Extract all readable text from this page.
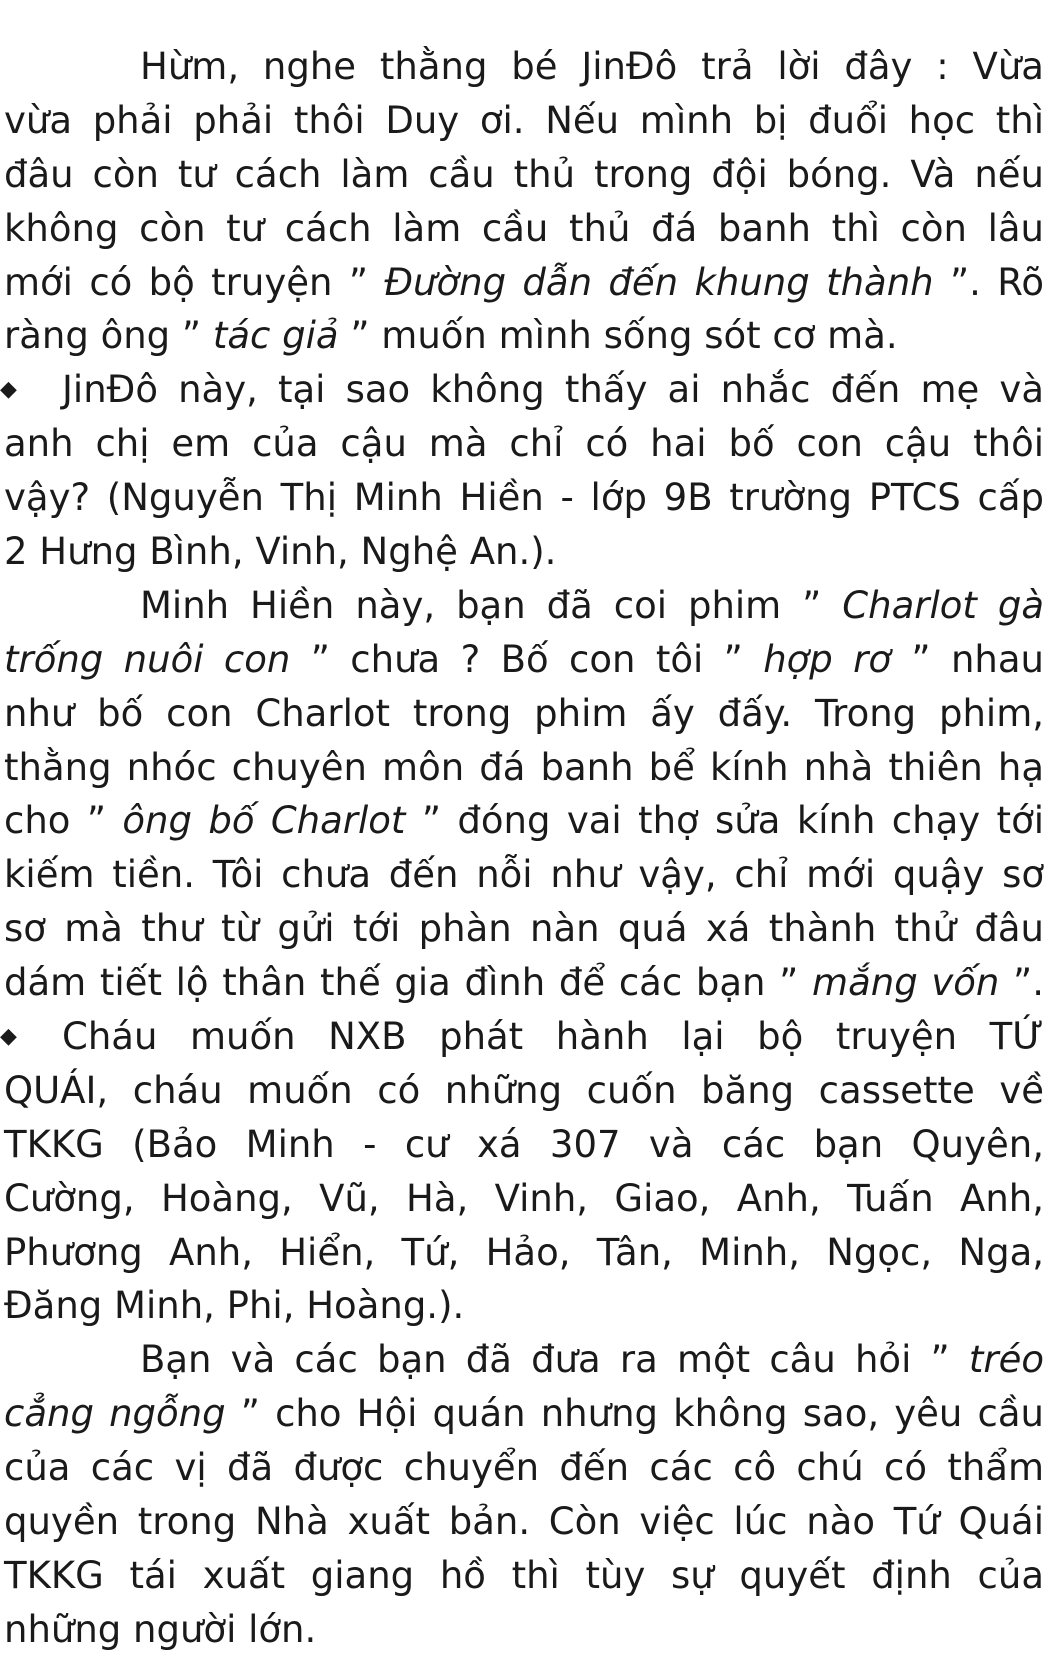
Hừm, nghe thằng bé JinĐô trả lời đây : Vừa
vừa phải phải thôi Duy ơi. Nếu mình bị đuổi học thì
đâu còn tư cách làm cầu thủ trong đội bóng. Và nếu
không còn tư cách làm cầu thủ đá banh thì còn lâu
mới có bộ truyện ” Đường dẫn đến khung thành ”. Rõ
ràng ông ” tác giả ” muốn mình sống sót cơ mà.
◆ JinĐô này, tại sao không thấy ai nhắc đến mẹ và
anh chị em của cậu mà chỉ có hai bố con cậu thôi
vậy? (Nguyễn Thị Minh Hiền - lớp 9B trường PTCS cấp
2 Hưng Bình, Vinh, Nghệ An.).
Minh Hiền này, bạn đã coi phim ” Charlot gà
trống nuôi con ” chưa ? Bố con tôi ” hợp rơ ” nhau
như bố con Charlot trong phim ấy đấy. Trong phim,
thằng nhóc chuyên môn đá banh bể kính nhà thiên hạ
cho ” ông bố Charlot ” đóng vai thợ sửa kính chạy tới
kiếm tiền. Tôi chưa đến nỗi như vậy, chỉ mới quậy sơ
sơ mà thư từ gửi tới phàn nàn quá xá thành thử đâu
dám tiết lộ thân thế gia đình để các bạn ” mắng vốn ”.
◆ Cháu muốn NXB phát hành lại bộ truyện TỨ
QUÁI, cháu muốn có những cuốn băng cassette về
TKKG (Bảo Minh - cư xá 307 và các bạn Quyên,
Cường, Hoàng, Vũ, Hà, Vinh, Giao, Anh, Tuấn Anh,
Phương Anh, Hiển, Tứ, Hảo, Tân, Minh, Ngọc, Nga,
Đăng Minh, Phi, Hoàng.).
Bạn và các bạn đã đưa ra một câu hỏi ” tréo
cẳng ngỗng ” cho Hội quán nhưng không sao, yêu cầu
của các vị đã được chuyển đến các cô chú có thẩm
quyền trong Nhà xuất bản. Còn việc lúc nào Tứ Quái
TKKG tái xuất giang hồ thì tùy sự quyết định của
những người lớn.
